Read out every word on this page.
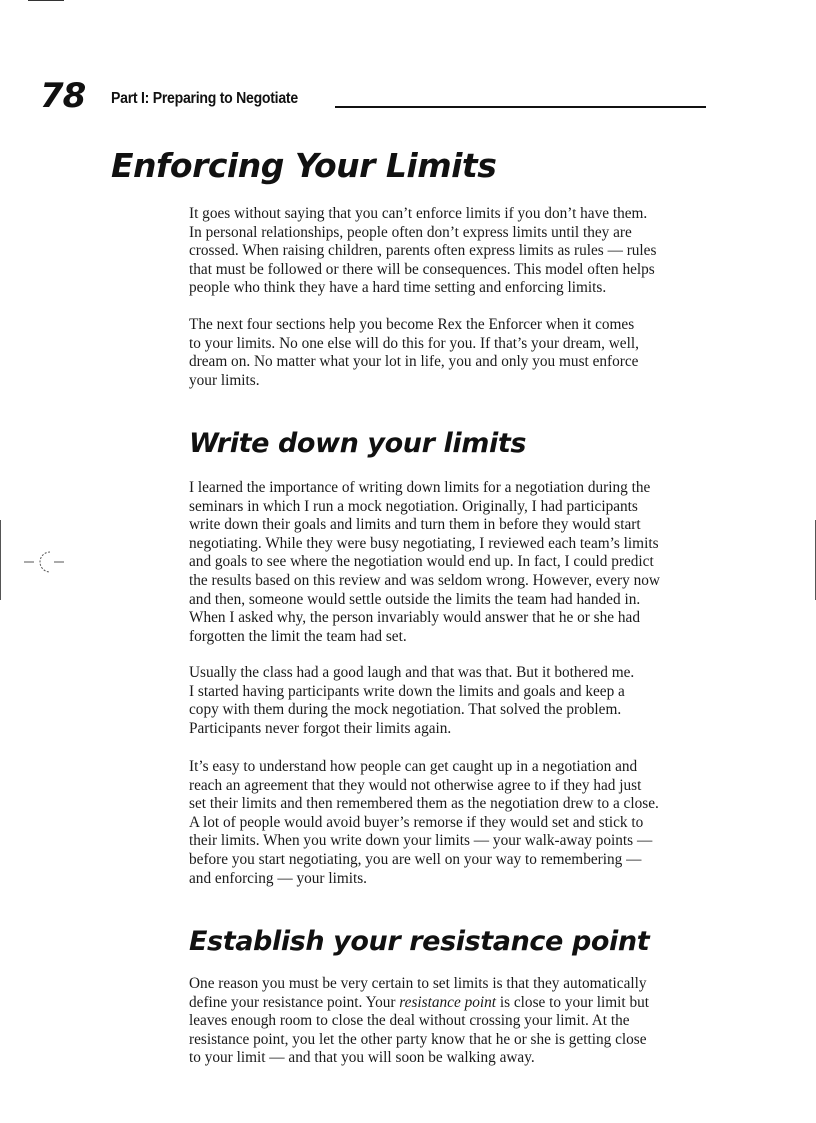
78 Part I: Preparing to Negotiate
Enforcing Your Limits
It goes without saying that you can’t enforce limits if you don’t have them.
In personal relationships, people often don’t express limits until they are
crossed. When raising children, parents often express limits as rules — rules
that must be followed or there will be consequences. This model often helps
people who think they have a hard time setting and enforcing limits.
The next four sections help you become Rex the Enforcer when it comes
to your limits. No one else will do this for you. If that’s your dream, well,
dream on. No matter what your lot in life, you and only you must enforce
your limits.
Write down your limits
I learned the importance of writing down limits for a negotiation during the
seminars in which I run a mock negotiation. Originally, I had participants
write down their goals and limits and turn them in before they would start
negotiating. While they were busy negotiating, I reviewed each team’s limits
and goals to see where the negotiation would end up. In fact, I could predict
the results based on this review and was seldom wrong. However, every now
and then, someone would settle outside the limits the team had handed in.
When I asked why, the person invariably would answer that he or she had
forgotten the limit the team had set.
Usually the class had a good laugh and that was that. But it bothered me.
I started having participants write down the limits and goals and keep a
copy with them during the mock negotiation. That solved the problem.
Participants never forgot their limits again.
It’s easy to understand how people can get caught up in a negotiation and
reach an agreement that they would not otherwise agree to if they had just
set their limits and then remembered them as the negotiation drew to a close.
A lot of people would avoid buyer’s remorse if they would set and stick to
their limits. When you write down your limits — your walk-away points —
before you start negotiating, you are well on your way to remembering —
and enforcing — your limits.
Establish your resistance point
One reason you must be very certain to set limits is that they automatically
define your resistance point. Your resistance point is close to your limit but
leaves enough room to close the deal without crossing your limit. At the
resistance point, you let the other party know that he or she is getting close
to your limit — and that you will soon be walking away.
